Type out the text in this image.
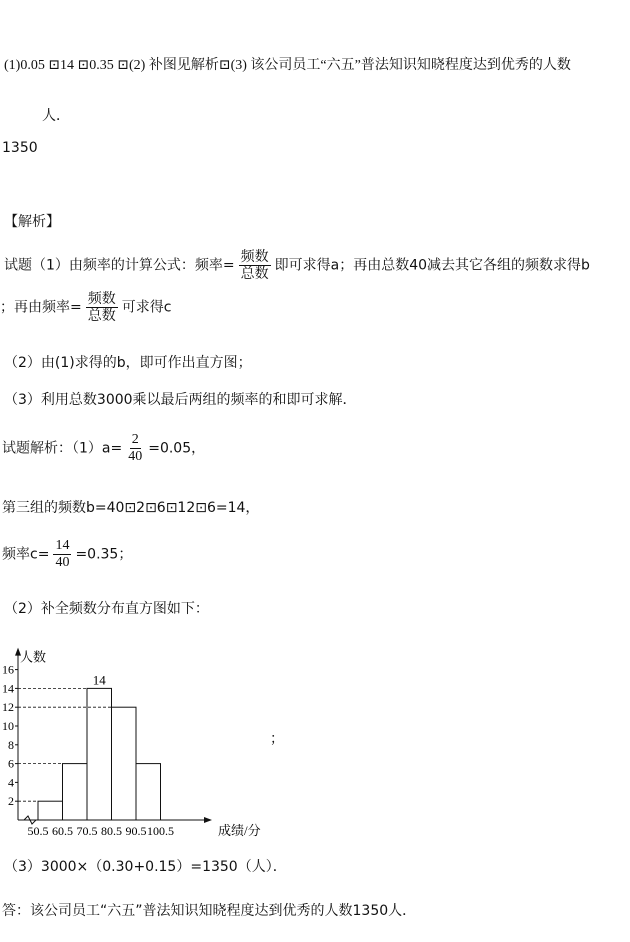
(1)0.05 ⊡14 ⊡0.35 ⊡(2) 补图见解析⊡(3) 该公司员工“六五”普法知识知晓程度达到优秀的人数
人．
1350
【解析】
试题（1）由频率的计算公式：频率= $\frac{\text{频数}}{\text{总数}}$ 即可求得a；再由总数40减去其它各组的频数求得b
；再由频率= $\frac{\text{频数}}{\text{总数}}$ 可求得c
（2）由(1)求得的b，即可作出直方图；
（3）利用总数3000乘以最后两组的频率的和即可求解．
试题解析：$(1)a= \frac{2}{40} =0.05$，
第三组的频数b=40⊡2⊡6⊡12⊡6=14，
频率$c= \frac{14}{40} =0.35$；
（2）补全频数分布直方图如下：
人数
2
4
6
8
10
12
14
16
14
50.5 60.5 70.5 80.5 90.5 100.5	成绩/分
；
（3）3000×（0.30+0.15）=1350（人）．
答：该公司员工“六五”普法知识知晓程度达到优秀的人数1350人．
